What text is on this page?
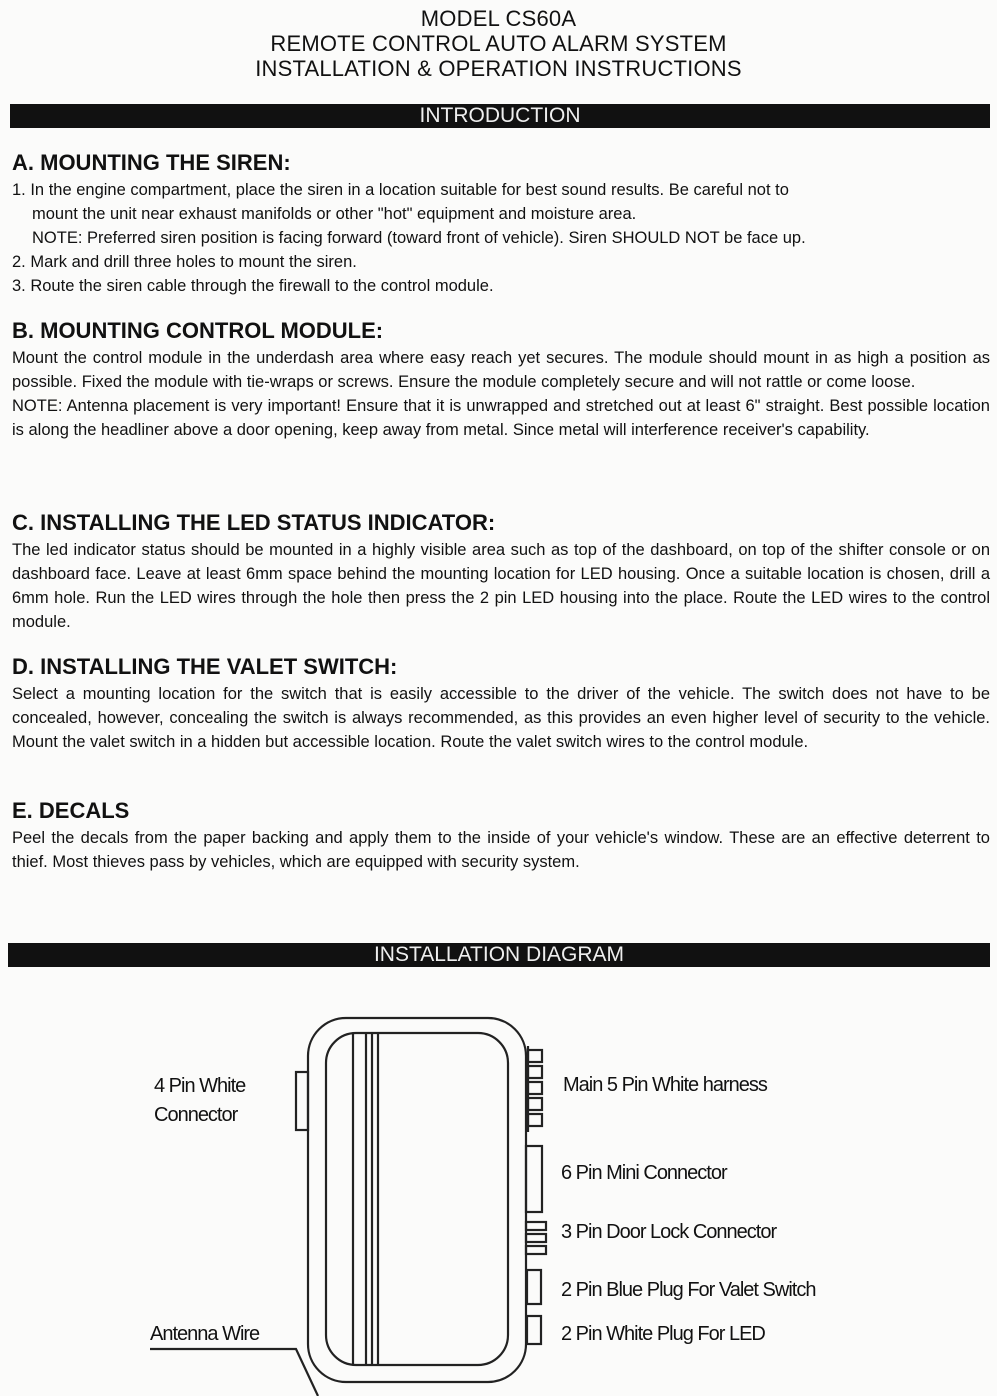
MODEL CS60A
REMOTE CONTROL AUTO ALARM SYSTEM
INSTALLATION & OPERATION INSTRUCTIONS
INTRODUCTION
A. MOUNTING THE SIREN:
1. In the engine compartment, place the siren in a location suitable for best sound results. Be careful not to
mount the unit near exhaust manifolds or other "hot" equipment and moisture area.
NOTE: Preferred siren position is facing forward (toward front of vehicle). Siren SHOULD NOT be face up.
2. Mark and drill three holes to mount the siren.
3. Route the siren cable through the firewall to the control module.
B. MOUNTING CONTROL MODULE:

Mount the control module in the underdash area where easy reach yet secures. The module should mount in as high a position as possible. Fixed the module with tie-wraps or screws. Ensure the module completely secure and will not rattle or come loose.

NOTE: Antenna placement is very important! Ensure that it is unwrapped and stretched out at least 6" straight. Best possible location is along the headliner above a door opening, keep away from metal. Since metal will interference receiver's capability.

C. INSTALLING THE LED STATUS INDICATOR:

The led indicator status should be mounted in a highly visible area such as top of the dashboard, on top of the shifter console or on dashboard face. Leave at least 6mm space behind the mounting location for LED housing. Once a suitable location is chosen, drill a 6mm hole. Run the LED wires through the hole then press the 2 pin LED housing into the place. Route the LED wires to the control module.

D. INSTALLING THE VALET SWITCH:

Select a mounting location for the switch that is easily accessible to the driver of the vehicle. The switch does not have to be concealed, however, concealing the switch is always recommended, as this provides an even higher level of security to the vehicle. Mount the valet switch in a hidden but accessible location. Route the valet switch wires to the control module.

E. DECALS

Peel the decals from the paper backing and apply them to the inside of your vehicle's window. These are an effective deterrent to thief. Most thieves pass by vehicles, which are equipped with security system.

INSTALLATION DIAGRAM
4 Pin White
Connector
Antenna Wire
Main 5 Pin White harness
6 Pin Mini Connector
3 Pin Door Lock Connector
2 Pin Blue Plug For Valet Switch
2 Pin White Plug For LED
